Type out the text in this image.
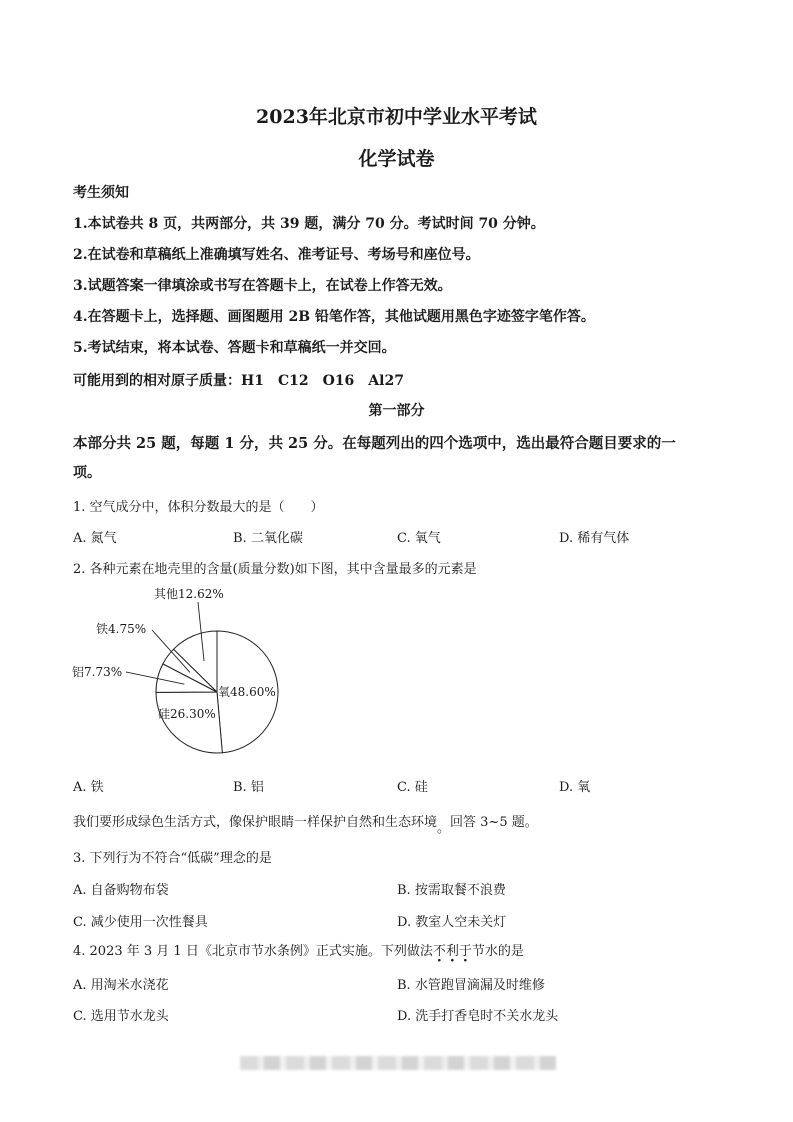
2023年北京市初中学业水平考试
化学试卷
考生须知
1.本试卷共 8 页，共两部分，共 39 题，满分 70 分。考试时间 70 分钟。
2.在试卷和草稿纸上准确填写姓名、准考证号、考场号和座位号。
3.试题答案一律填涂或书写在答题卡上，在试卷上作答无效。
4.在答题卡上，选择题、画图题用 2B 铅笔作答，其他试题用黑色字迹签字笔作答。
5.考试结束，将本试卷、答题卡和草稿纸一并交回。
可能用到的相对原子质量：H1　C12　O16　Al27
第一部分
本部分共 25 题，每题 1 分，共 25 分。在每题列出的四个选项中，选出最符合题目要求的一
项。
1. 空气成分中，体积分数最大的是（　　）
A. 氮气	B. 二氧化碳	C. 氧气	D. 稀有气体
2. 各种元素在地壳里的含量(质量分数)如下图，其中含量最多的元素是
氧48.60%
硅26.30%
铝7.73%
铁4.75%
其他12.62%
A. 铁	B. 铝	C. 硅	D. 氧
我们要形成绿色生活方式，像保护眼睛一样保护自然和生态环境。回答 3~5 题。
3. 下列行为不符合“低碳”理念的是
A. 自备购物布袋	B. 按需取餐不浪费
C. 减少使用一次性餐具	D. 教室人空未关灯
4. 2023 年 3 月 1 日《北京市节水条例》正式实施。下列做法不利于节水的是
A. 用淘米水浇花	B. 水管跑冒滴漏及时维修
C. 选用节水龙头	D. 洗手打香皂时不关水龙头
